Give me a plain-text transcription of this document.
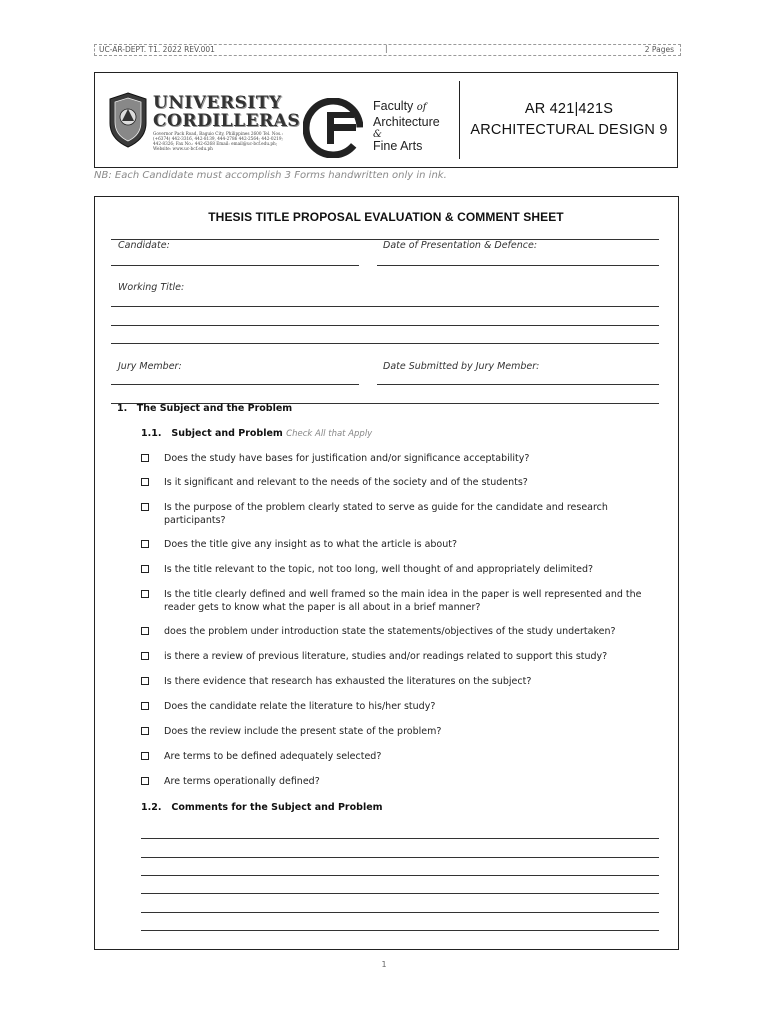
UC-AR-DEPT. T1. 2022 REV.001	|	2 Pages
UNIVERSITY
CORDILLERAS
Governor Pack Road, Baguio City, Philippines 2600 Tel. Nos.: (+6374) 442-3316, 442-8139, 444-2786 442-2564; 442-0219; 442-8326; Fax No.: 442-6268 Email: email@uc-bcf.edu.ph; Website: www.uc-bcf.edu.ph
Faculty of
Architecture
&
Fine Arts
AR 421|421S
ARCHITECTURAL DESIGN 9
NB: Each Candidate must accomplish 3 Forms handwritten only in ink.
THESIS TITLE PROPOSAL EVALUATION & COMMENT SHEET
Candidate:	Date of Presentation & Defence:
Working Title:
Jury Member:	Date Submitted by Jury Member:
1. The Subject and the Problem
1.1. Subject and Problem Check All that Apply
Does the study have bases for justification and/or significance acceptability?
Is it significant and relevant to the needs of the society and of the students?
Is the purpose of the problem clearly stated to serve as guide for the candidate and research participants?
Does the title give any insight as to what the article is about?
Is the title relevant to the topic, not too long, well thought of and appropriately delimited?
Is the title clearly defined and well framed so the main idea in the paper is well represented and the reader gets to know what the paper is all about in a brief manner?
does the problem under introduction state the statements/objectives of the study undertaken?
is there a review of previous literature, studies and/or readings related to support this study?
Is there evidence that research has exhausted the literatures on the subject?
Does the candidate relate the literature to his/her study?
Does the review include the present state of the problem?
Are terms to be defined adequately selected?
Are terms operationally defined?
1.2. Comments for the Subject and Problem
1
